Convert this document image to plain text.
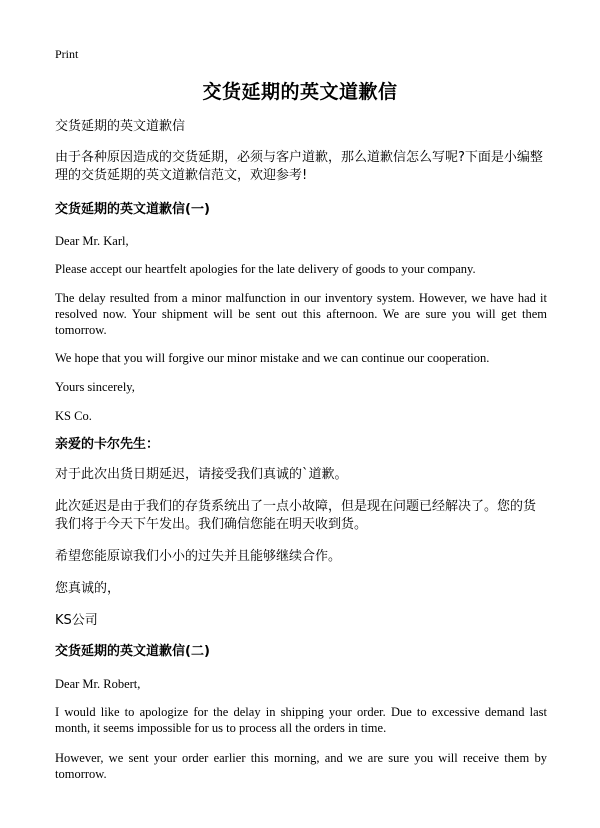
Print
交货延期的英文道歉信
交货延期的英文道歉信
由于各种原因造成的交货延期，必须与客户道歉，那么道歉信怎么写呢?下面是小编整理的交货延期的英文道歉信范文，欢迎参考!
交货延期的英文道歉信(一)
Dear Mr. Karl,
Please accept our heartfelt apologies for the late delivery of goods to your company.
The delay resulted from a minor malfunction in our inventory system. However, we have had it resolved now. Your shipment will be sent out this afternoon. We are sure you will get them tomorrow.
We hope that you will forgive our minor mistake and we can continue our cooperation.
Yours sincerely,
KS Co.
亲爱的卡尔先生：
对于此次出货日期延迟，请接受我们真诚的`道歉。
此次延迟是由于我们的存货系统出了一点小故障，但是现在问题已经解决了。您的货我们将于今天下午发出。我们确信您能在明天收到货。
希望您能原谅我们小小的过失并且能够继续合作。
您真诚的，
KS公司
交货延期的英文道歉信(二)
Dear Mr. Robert,
I would like to apologize for the delay in shipping your order. Due to excessive demand last month, it seems impossible for us to process all the orders in time.
However, we sent your order earlier this morning, and we are sure you will receive them by tomorrow.
